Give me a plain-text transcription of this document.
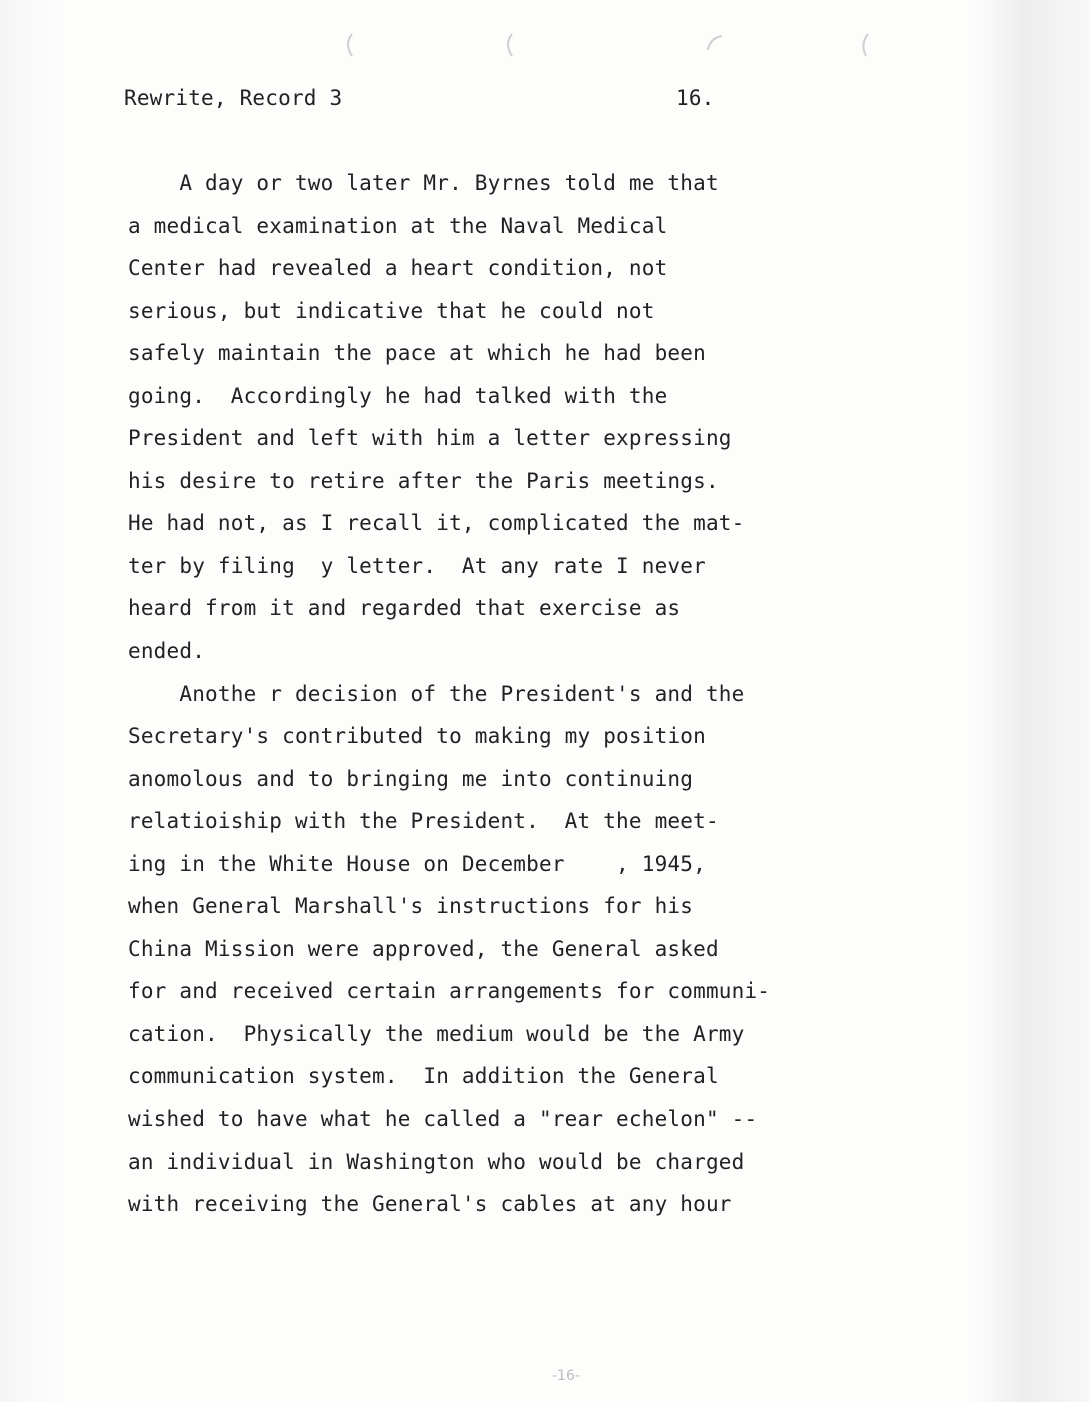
Rewrite, Record 3	16.
A day or two later Mr. Byrnes told me that
a medical examination at the Naval Medical
Center had revealed a heart condition, not
serious, but indicative that he could not
safely maintain the pace at which he had been
going.  Accordingly he had talked with the
President and left with him a letter expressing
his desire to retire after the Paris meetings.
He had not, as I recall it, complicated the mat-
ter by filing  y letter.  At any rate I never
heard from it and regarded that exercise as
ended.
Anothe r decision of the President's and the
Secretary's contributed to making my position
anomolous and to bringing me into continuing
relatioiship with the President.  At the meet-
ing in the White House on December    , 1945,
when General Marshall's instructions for his
China Mission were approved, the General asked
for and received certain arrangements for communi-
cation.  Physically the medium would be the Army
communication system.  In addition the General
wished to have what he called a "rear echelon" --
an individual in Washington who would be charged
with receiving the General's cables at any hour
-16-
